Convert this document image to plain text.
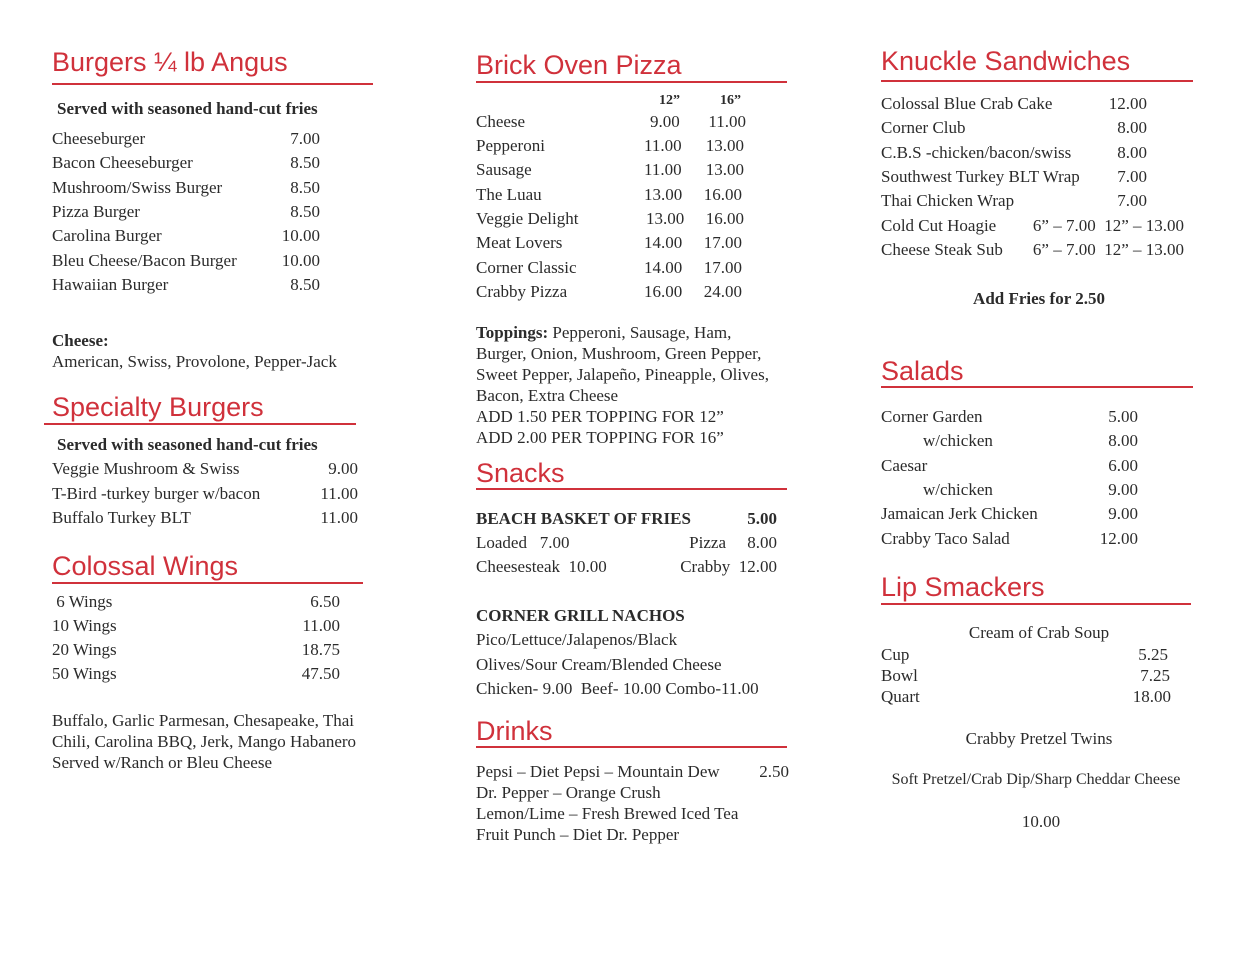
Burgers ¼ lb Angus
Served with seasoned hand-cut fries
Cheeseburger	7.00
Bacon Cheeseburger	8.50
Mushroom/Swiss Burger	8.50
Pizza Burger	8.50
Carolina Burger	10.00
Bleu Cheese/Bacon Burger	10.00
Hawaiian Burger	8.50
Cheese:
American, Swiss, Provolone, Pepper-Jack
Specialty Burgers
Served with seasoned hand-cut fries
Veggie Mushroom & Swiss	9.00
T-Bird -turkey burger w/bacon	11.00
Buffalo Turkey BLT	11.00
Colossal Wings
6 Wings	6.50
10 Wings	11.00
20 Wings	18.75
50 Wings	47.50
Buffalo, Garlic Parmesan, Chesapeake, Thai
Chili, Carolina BBQ, Jerk, Mango Habanero
Served w/Ranch or Bleu Cheese
Brick Oven Pizza
12”	16”
Cheese	9.00 11.00
Pepperoni	11.00 13.00
Sausage	11.00 13.00
The Luau	13.00 16.00
Veggie Delight	13.00 16.00
Meat Lovers	14.00 17.00
Corner Classic	14.00 17.00
Crabby Pizza	16.00 24.00
Toppings: Pepperoni, Sausage, Ham,
Burger, Onion, Mushroom, Green Pepper,
Sweet Pepper, Jalapeño, Pineapple, Olives,
Bacon, Extra Cheese
ADD 1.50 PER TOPPING FOR 12”
ADD 2.00 PER TOPPING FOR 16”
Snacks
BEACH BASKET OF FRIES	5.00
Loaded   7.00	Pizza     8.00
Cheesesteak  10.00	Crabby  12.00
CORNER GRILL NACHOS
Pico/Lettuce/Jalapenos/Black
Olives/Sour Cream/Blended Cheese
Chicken- 9.00  Beef- 10.00 Combo-11.00
Drinks
Pepsi – Diet Pepsi – Mountain Dew 2.50
Dr. Pepper – Orange Crush
Lemon/Lime – Fresh Brewed Iced Tea
Fruit Punch – Diet Dr. Pepper
Knuckle Sandwiches
Colossal Blue Crab Cake	12.00
Corner Club	8.00
C.B.S -chicken/bacon/swiss	8.00
Southwest Turkey BLT Wrap 7.00
Thai Chicken Wrap	7.00
Cold Cut Hoagie 6” – 7.00  12” – 13.00
Cheese Steak Sub 6” – 7.00  12” – 13.00
Add Fries for 2.50
Salads
Corner Garden	5.00
w/chicken	8.00
Caesar	6.00
w/chicken	9.00
Jamaican Jerk Chicken	9.00
Crabby Taco Salad	12.00
Lip Smackers
Cream of Crab Soup
Cup	5.25
Bowl	7.25
Quart	18.00
Crabby Pretzel Twins
Soft Pretzel/Crab Dip/Sharp Cheddar Cheese
10.00
